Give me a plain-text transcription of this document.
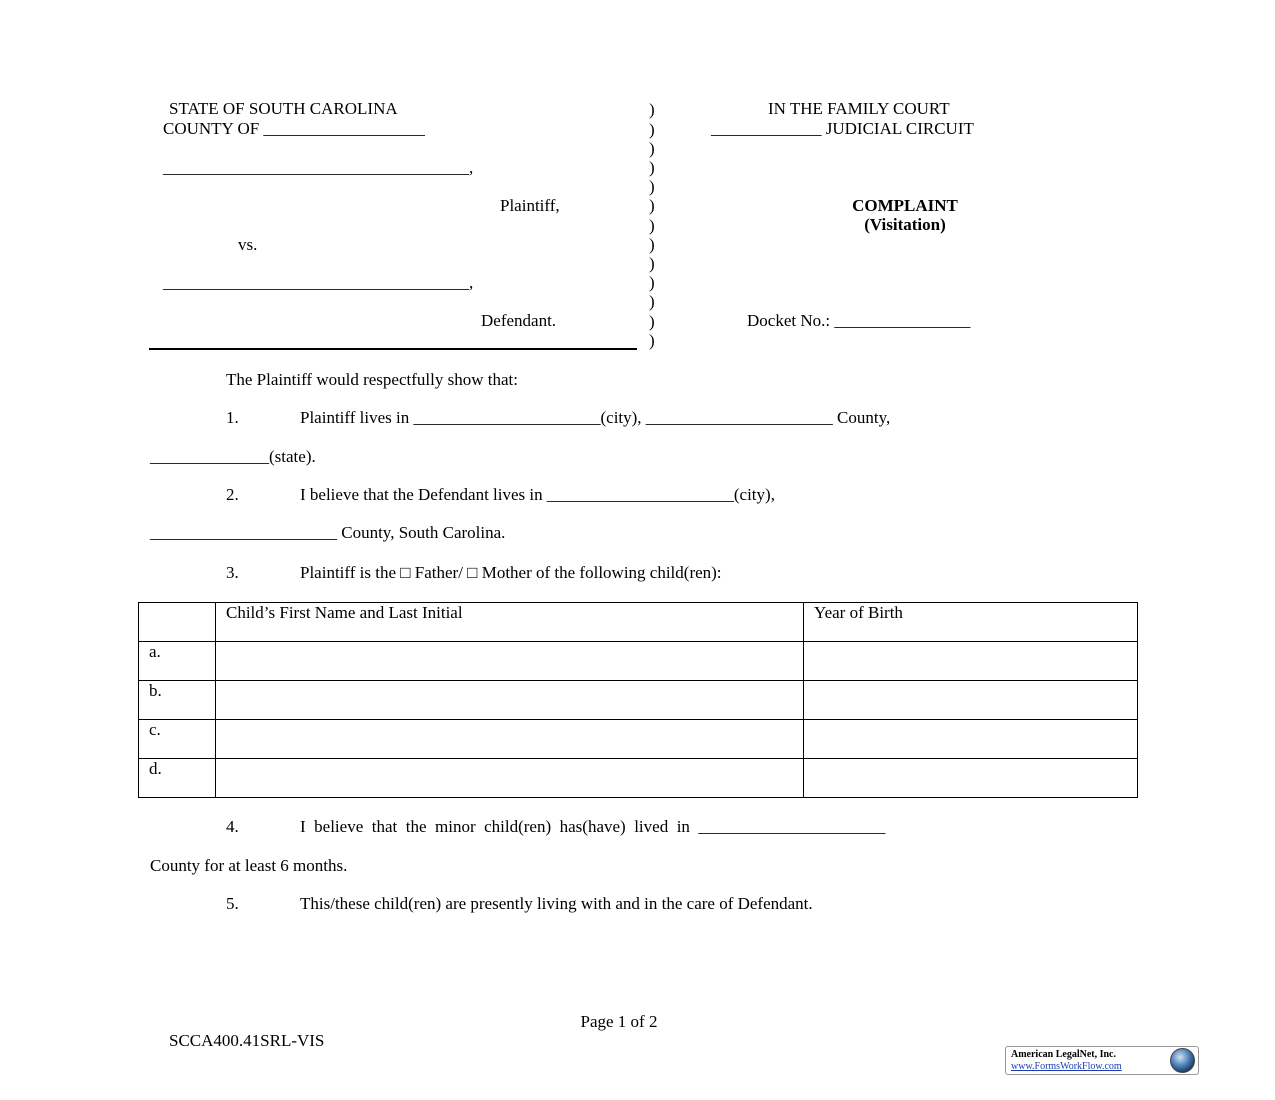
STATE OF SOUTH CAROLINA
COUNTY OF ___________________
____________________________________,
Plaintiff,
vs.
____________________________________,
Defendant.
)
)
)
)
)
)
)
)
)
)
)
)
)
IN THE FAMILY COURT
_____________ JUDICIAL CIRCUIT
COMPLAINT
(Visitation)
Docket No.: ________________
The Plaintiff would respectfully show that:
1.	Plaintiff lives in ______________________(city), ______________________ County,
______________(state).
2.	I believe that the Defendant lives in ______________________(city),
______________________ County, South Carolina.
3.	Plaintiff is the □ Father/ □ Mother of the following child(ren):
	Child’s First Name and Last Initial	Year of Birth
a.		
b.		
c.		
d.		
4.	I  believe  that  the  minor  child(ren)  has(have)  lived  in  ______________________
County for at least 6 months.
5.	This/these child(ren) are presently living with and in the care of Defendant.
Page 1 of 2
SCCA400.41SRL-VIS
American LegalNet, Inc.
www.FormsWorkFlow.com
